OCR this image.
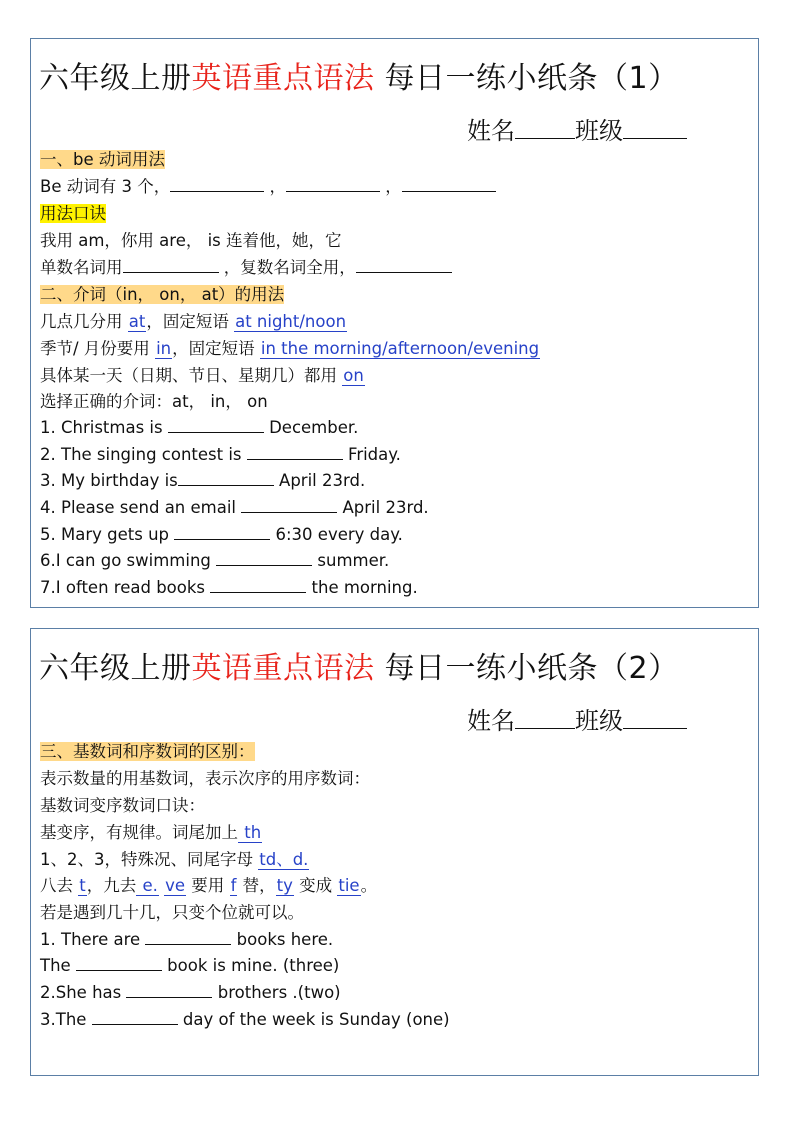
六年级上册英语重点语法 每日一练小纸条（1）
姓名	班级
一、be 动词用法
Be 动词有 3 个，	，	，
用法口诀
我用 am，你用 are， is 连着他，她，它
单数名词用	，复数名词全用，
二、介词（in， on， at）的用法
几点几分用 at，固定短语 at night/noon
季节/ 月份要用 in，固定短语 in the morning/afternoon/evening
具体某一天（日期、节日、星期几）都用 on
选择正确的介词：at， in， on
1. Christmas is	December.
2. The singing contest is	Friday.
3. My birthday is	April 23rd.
4. Please send an email	April 23rd.
5. Mary gets up	6:30 every day.
6.I can go swimming	summer.
7.I often read books	the morning.
六年级上册英语重点语法 每日一练小纸条（2）
姓名	班级
三、基数词和序数词的区别：
表示数量的用基数词，表示次序的用序数词：
基数词变序数词口诀：
基变序，有规律。词尾加上 th
1、2、3，特殊况、同尾字母 td、d.
八去 t，九去 e. ve 要用 f 替，ty 变成 tie。
若是遇到几十几，只变个位就可以。
1. There are	books here.
The	book is mine. (three)
2.She has	brothers .(two)
3.The	day of the week is Sunday (one)
